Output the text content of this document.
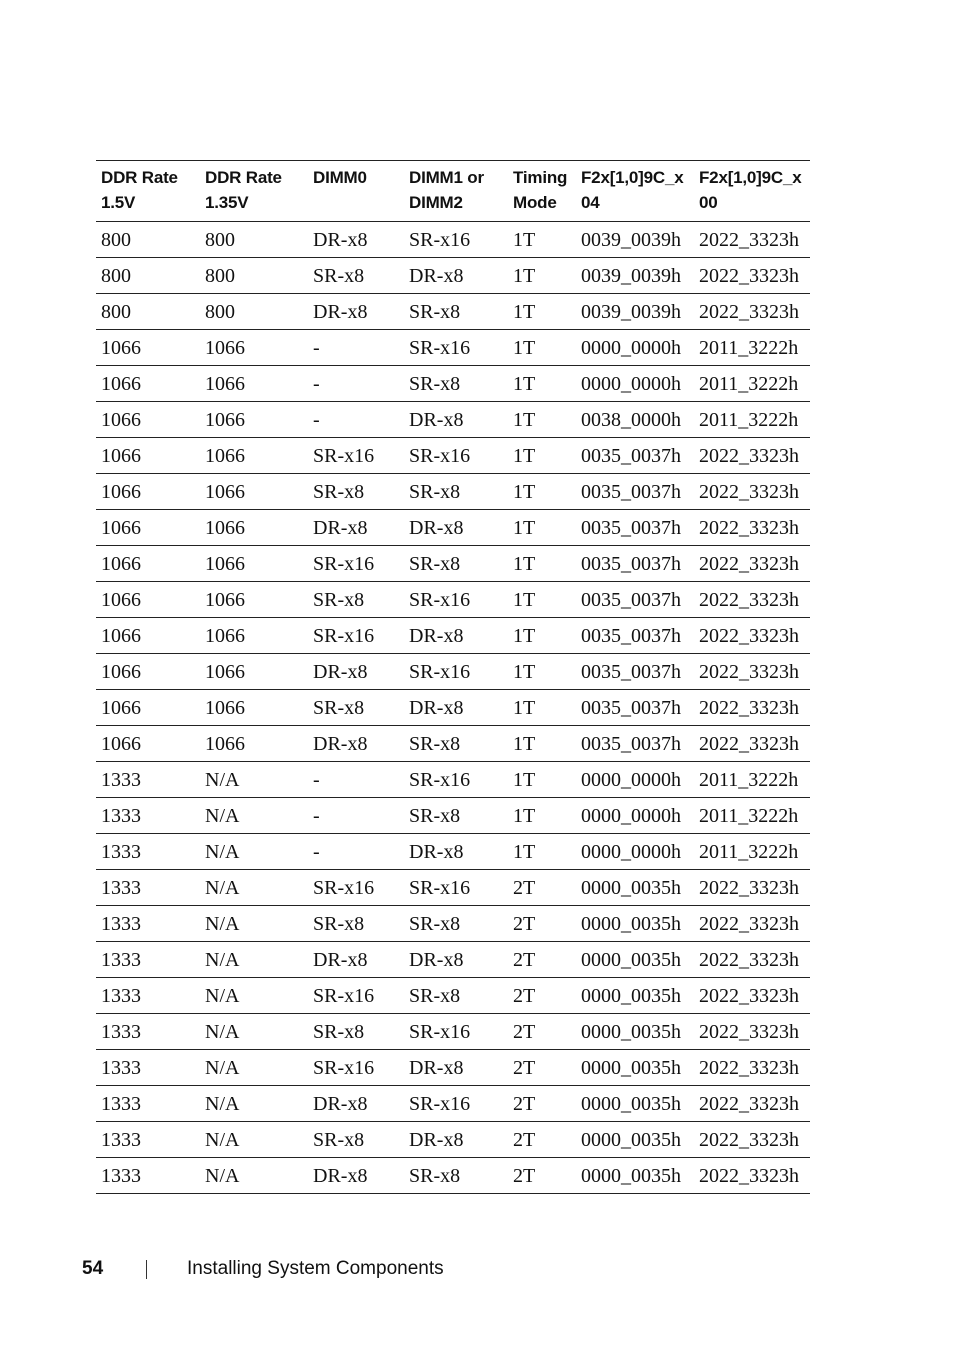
DDR Rate 1.5V	DDR Rate 1.35V	DIMM0	DIMM1 or DIMM2	Timing Mode	F2x[1,0]9C_x 04	F2x[1,0]9C_x 00
800	800	DR-x8	SR-x16	1T	0039_0039h	2022_3323h
800	800	SR-x8	DR-x8	1T	0039_0039h	2022_3323h
800	800	DR-x8	SR-x8	1T	0039_0039h	2022_3323h
1066	1066	-	SR-x16	1T	0000_0000h	2011_3222h
1066	1066	-	SR-x8	1T	0000_0000h	2011_3222h
1066	1066	-	DR-x8	1T	0038_0000h	2011_3222h
1066	1066	SR-x16	SR-x16	1T	0035_0037h	2022_3323h
1066	1066	SR-x8	SR-x8	1T	0035_0037h	2022_3323h
1066	1066	DR-x8	DR-x8	1T	0035_0037h	2022_3323h
1066	1066	SR-x16	SR-x8	1T	0035_0037h	2022_3323h
1066	1066	SR-x8	SR-x16	1T	0035_0037h	2022_3323h
1066	1066	SR-x16	DR-x8	1T	0035_0037h	2022_3323h
1066	1066	DR-x8	SR-x16	1T	0035_0037h	2022_3323h
1066	1066	SR-x8	DR-x8	1T	0035_0037h	2022_3323h
1066	1066	DR-x8	SR-x8	1T	0035_0037h	2022_3323h
1333	N/A	-	SR-x16	1T	0000_0000h	2011_3222h
1333	N/A	-	SR-x8	1T	0000_0000h	2011_3222h
1333	N/A	-	DR-x8	1T	0000_0000h	2011_3222h
1333	N/A	SR-x16	SR-x16	2T	0000_0035h	2022_3323h
1333	N/A	SR-x8	SR-x8	2T	0000_0035h	2022_3323h
1333	N/A	DR-x8	DR-x8	2T	0000_0035h	2022_3323h
1333	N/A	SR-x16	SR-x8	2T	0000_0035h	2022_3323h
1333	N/A	SR-x8	SR-x16	2T	0000_0035h	2022_3323h
1333	N/A	SR-x16	DR-x8	2T	0000_0035h	2022_3323h
1333	N/A	DR-x8	SR-x16	2T	0000_0035h	2022_3323h
1333	N/A	SR-x8	DR-x8	2T	0000_0035h	2022_3323h
1333	N/A	DR-x8	SR-x8	2T	0000_0035h	2022_3323h
54	Installing System Components
